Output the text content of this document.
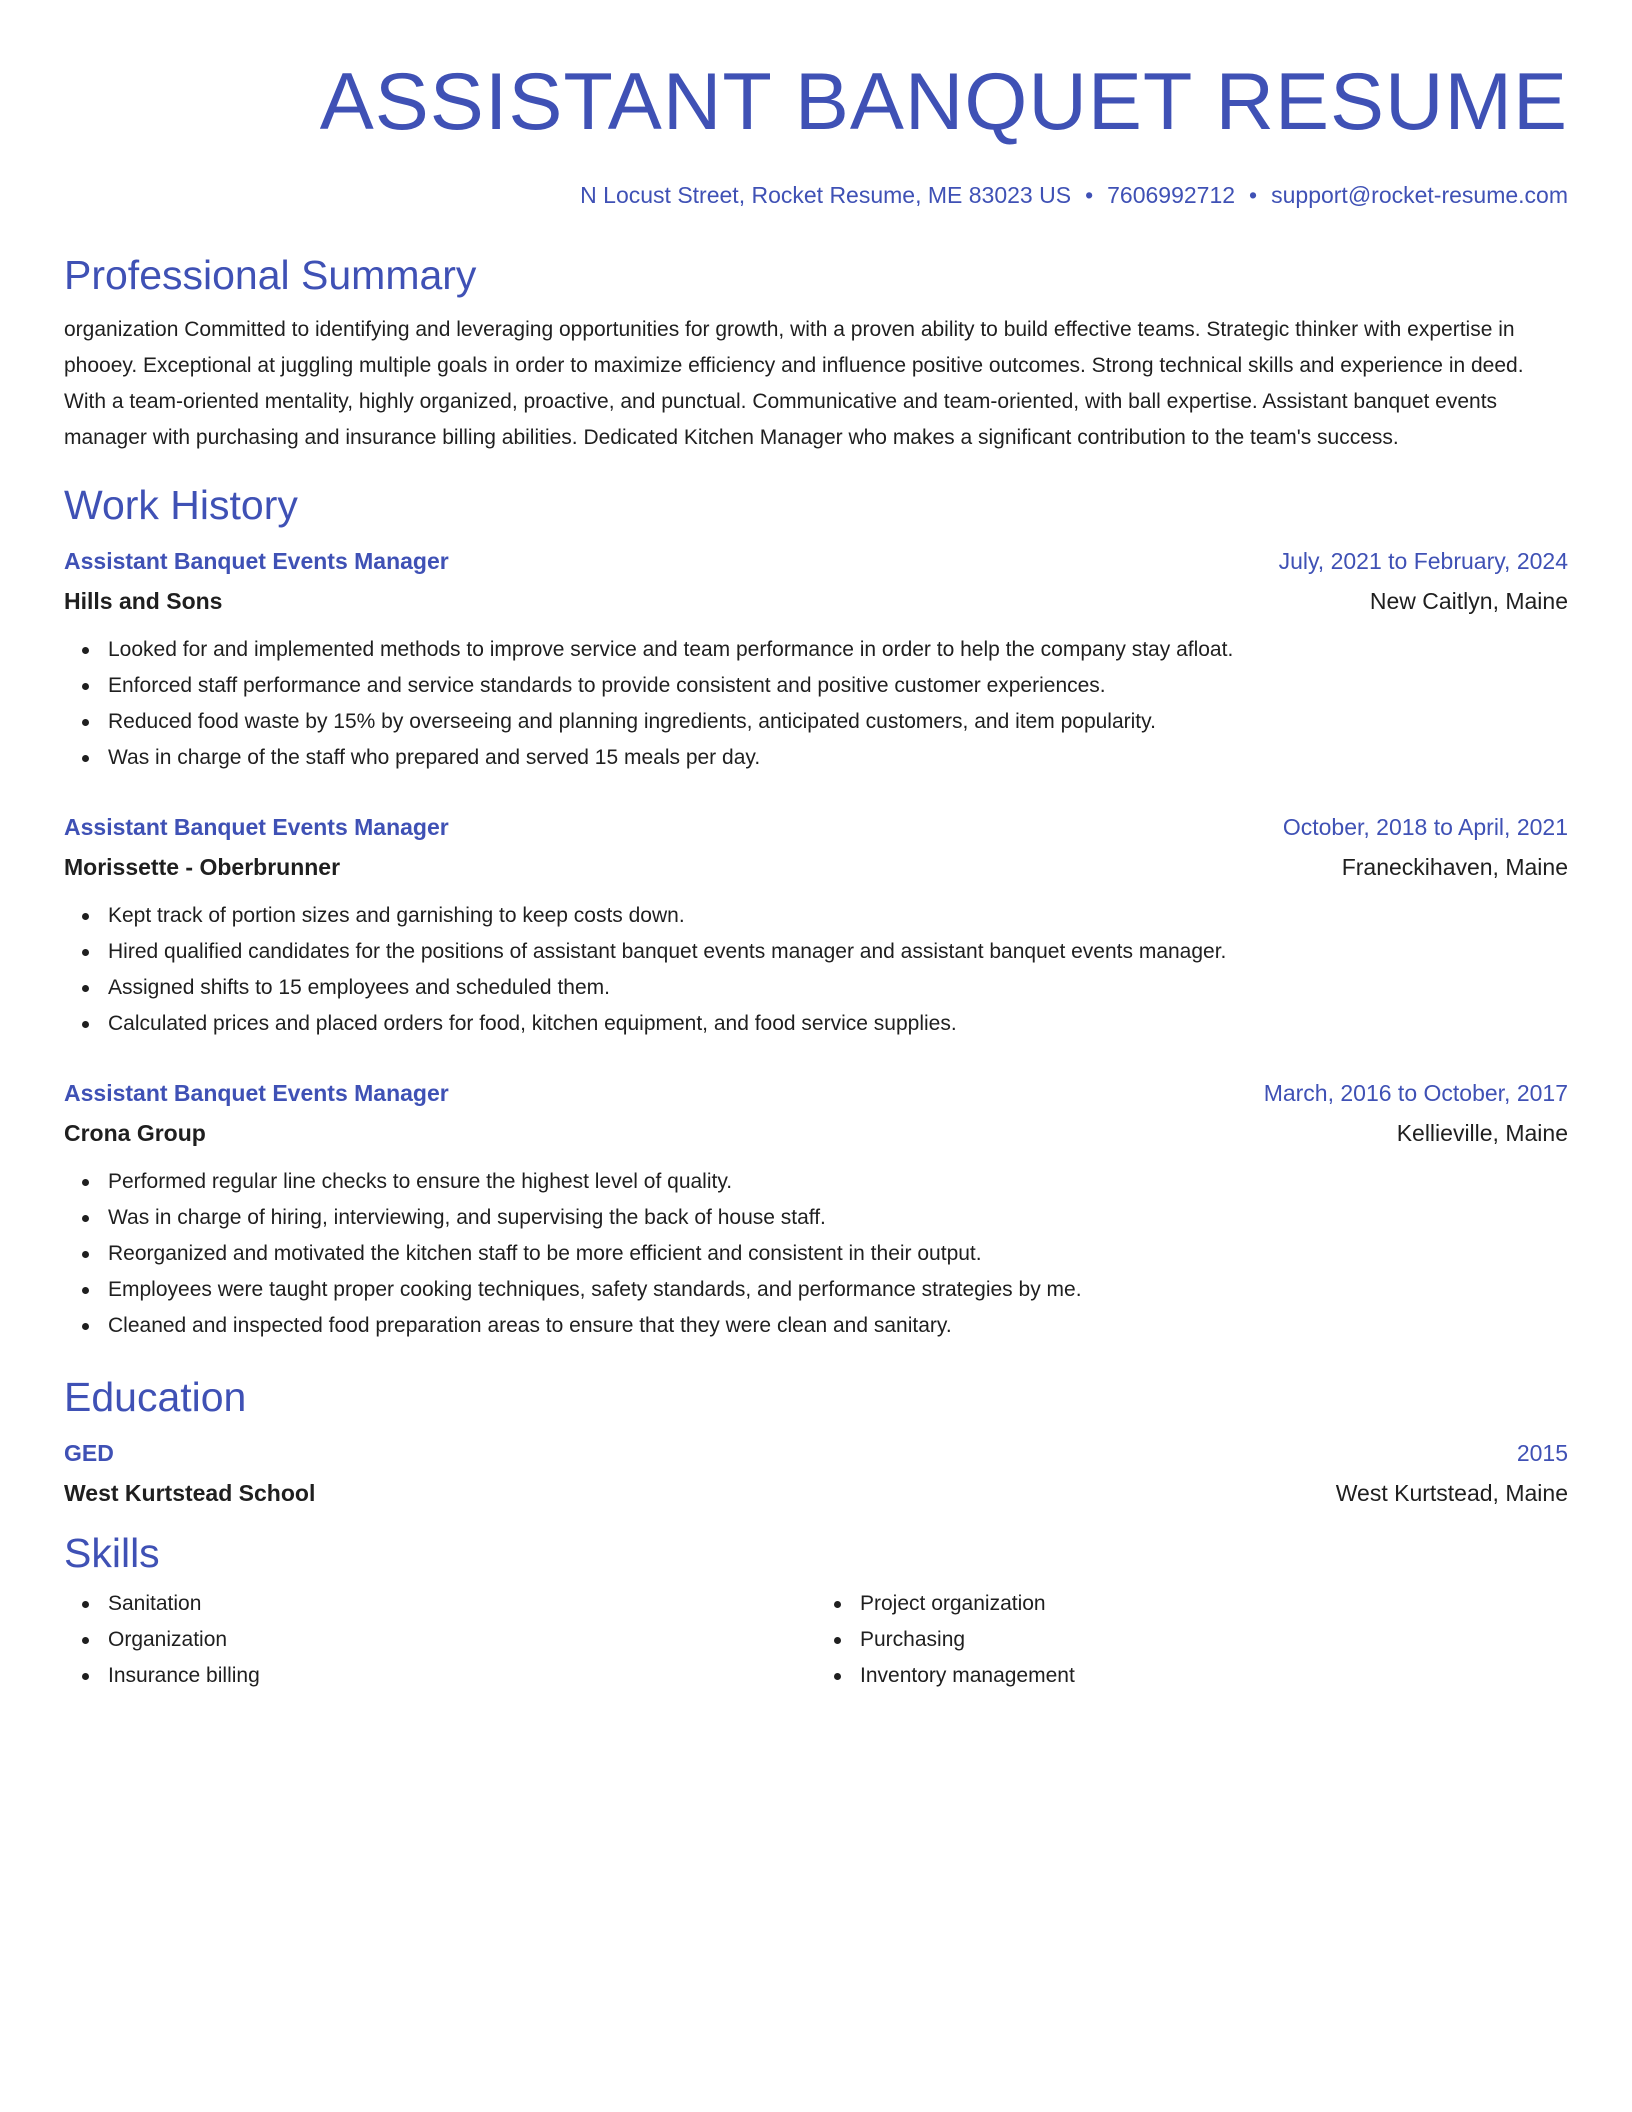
ASSISTANT BANQUET RESUME
N Locust Street, Rocket Resume, ME 83023 US • 7606992712 • support@rocket-resume.com
Professional Summary
organization Committed to identifying and leveraging opportunities for growth, with a proven ability to build effective teams. Strategic thinker with expertise in phooey. Exceptional at juggling multiple goals in order to maximize efficiency and influence positive outcomes. Strong technical skills and experience in deed. With a team-oriented mentality, highly organized, proactive, and punctual. Communicative and team-oriented, with ball expertise. Assistant banquet events manager with purchasing and insurance billing abilities. Dedicated Kitchen Manager who makes a significant contribution to the team's success.
Work History
Assistant Banquet Events Manager	July, 2021 to February, 2024
Hills and Sons	New Caitlyn, Maine
Looked for and implemented methods to improve service and team performance in order to help the company stay afloat.
Enforced staff performance and service standards to provide consistent and positive customer experiences.
Reduced food waste by 15% by overseeing and planning ingredients, anticipated customers, and item popularity.
Was in charge of the staff who prepared and served 15 meals per day.
Assistant Banquet Events Manager	October, 2018 to April, 2021
Morissette - Oberbrunner	Franeckihaven, Maine
Kept track of portion sizes and garnishing to keep costs down.
Hired qualified candidates for the positions of assistant banquet events manager and assistant banquet events manager.
Assigned shifts to 15 employees and scheduled them.
Calculated prices and placed orders for food, kitchen equipment, and food service supplies.
Assistant Banquet Events Manager	March, 2016 to October, 2017
Crona Group	Kellieville, Maine
Performed regular line checks to ensure the highest level of quality.
Was in charge of hiring, interviewing, and supervising the back of house staff.
Reorganized and motivated the kitchen staff to be more efficient and consistent in their output.
Employees were taught proper cooking techniques, safety standards, and performance strategies by me.
Cleaned and inspected food preparation areas to ensure that they were clean and sanitary.
Education
GED	2015
West Kurtstead School	West Kurtstead, Maine
Skills
Sanitation
Organization
Insurance billing
Project organization
Purchasing
Inventory management
